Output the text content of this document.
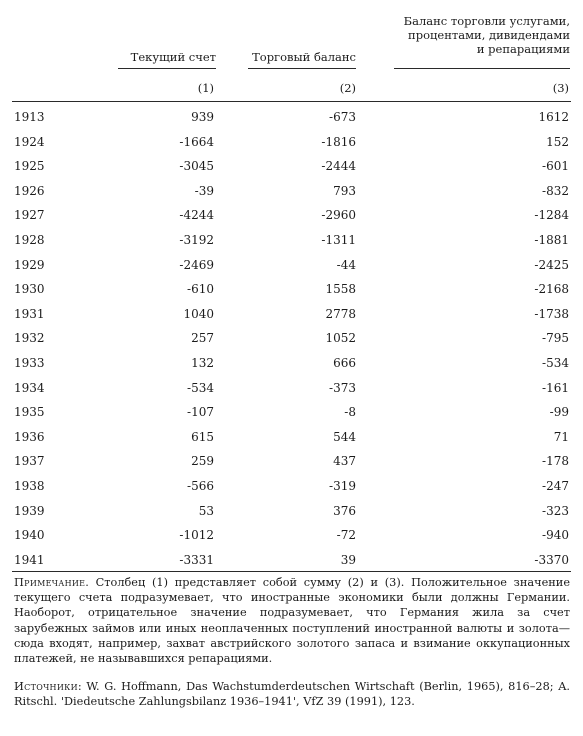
Текущий счет
(1)
Торговый баланс
(2)
Баланс торговли услугами,
процентами, дивидендами
и репарациями
(3)
1913	939	-673	1612
1924	-1664	-1816	152
1925	-3045	-2444	-601
1926	-39	793	-832
1927	-4244	-2960	-1284
1928	-3192	-1311	-1881
1929	-2469	-44	-2425
1930	-610	1558	-2168
1931	1040	2778	-1738
1932	257	1052	-795
1933	132	666	-534
1934	-534	-373	-161
1935	-107	-8	-99
1936	615	544	71
1937	259	437	-178
1938	-566	-319	-247
1939	53	376	-323
1940	-1012	-72	-940
1941	-3331	39	-3370
Примечание. Столбец (1) представляет собой сумму (2) и (3). Положительное значение текущего счета подразумевает, что иностранные экономики были должны Германии. Наоборот, отрицательное значение подразумевает, что Германия жила за счет зарубежных займов или иных неоплаченных поступлений иностранной валюты и золота—сюда входят, например, захват австрийского золотого запаса и взимание оккупационных платежей, не называвшихся репарациями.
Источники: W. G. Hoffmann, Das Wachstumderdeutschen Wirtschaft (Berlin, 1965), 816–28; A. Ritschl. 'Diedeutsche Zahlungsbilanz 1936–1941', VfZ 39 (1991), 123.
